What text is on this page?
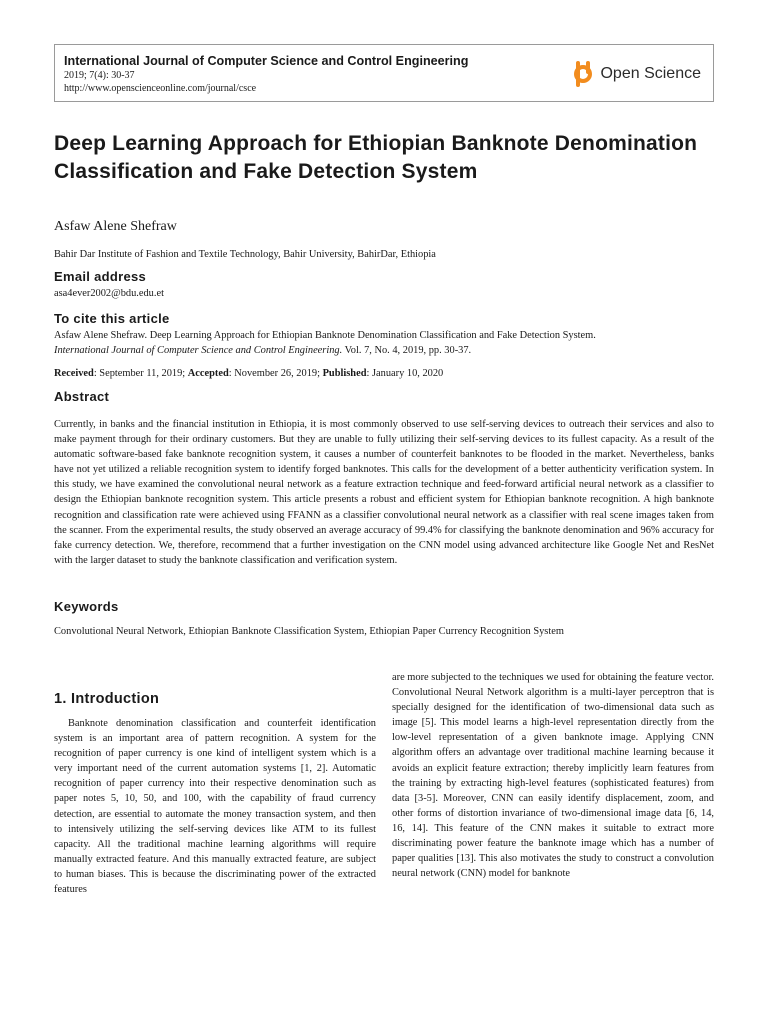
International Journal of Computer Science and Control Engineering
2019; 7(4): 30-37
http://www.openscienceonline.com/journal/csce
Open Science
Deep Learning Approach for Ethiopian Banknote Denomination Classification and Fake Detection System
Asfaw Alene Shefraw
Bahir Dar Institute of Fashion and Textile Technology, Bahir University, BahirDar, Ethiopia
Email address
asa4ever2002@bdu.edu.et
To cite this article
Asfaw Alene Shefraw. Deep Learning Approach for Ethiopian Banknote Denomination Classification and Fake Detection System.
International Journal of Computer Science and Control Engineering. Vol. 7, No. 4, 2019, pp. 30-37.
Received: September 11, 2019; Accepted: November 26, 2019; Published: January 10, 2020
Abstract

Currently, in banks and the financial institution in Ethiopia, it is most commonly observed to use self-serving devices to outreach their services and also to make payment through for their ordinary customers. But they are unable to fully utilizing their self-serving devices to its fullest capacity. As a result of the automatic software-based fake banknote recognition system, it causes a number of counterfeit banknotes to be flooded in the market. Nevertheless, banks have not yet utilized a reliable recognition system to identify forged banknotes. This calls for the development of a better authenticity verification system. In this study, we have examined the convolutional neural network as a feature extraction technique and feed-forward artificial neural network as a classifier to design the Ethiopian banknote recognition system. This article presents a robust and efficient system for Ethiopian banknote recognition. A high banknote recognition and classification rate were achieved using FFANN as a classifier convolutional neural network as a classifier with real scene images taken from the scanner. From the experimental results, the study observed an average accuracy of 99.4% for classifying the banknote denomination and 96% accuracy for fake currency detection. We, therefore, recommend that a further investigation on the CNN model using advanced architecture like Google Net and ResNet with the larger dataset to study the banknote classification and verification system.

Keywords
Convolutional Neural Network, Ethiopian Banknote Classification System, Ethiopian Paper Currency Recognition System
1. Introduction

Banknote denomination classification and counterfeit identification system is an important area of pattern recognition. A system for the recognition of paper currency is one kind of intelligent system which is a very important need of the current automation systems [1, 2]. Automatic recognition of paper currency into their respective denomination such as paper notes 5, 10, 50, and 100, with the capability of fraud currency detection, are essential to automate the money transaction system, and then to intensively utilizing the self-serving devices like ATM to its fullest capacity. All the traditional machine learning algorithms will require manually extracted feature. And this manually extracted feature, are subject to human biases. This is because the discriminating power of the extracted features

are more subjected to the techniques we used for obtaining the feature vector. Convolutional Neural Network algorithm is a multi-layer perceptron that is specially designed for the identification of two-dimensional data such as image [5]. This model learns a high-level representation directly from the low-level representation of a given banknote image. Applying CNN algorithm offers an advantage over traditional machine learning because it avoids an explicit feature extraction; thereby implicitly learn features from the training by extracting high-level features (sophisticated features) from data [3-5]. Moreover, CNN can easily identify displacement, zoom, and other forms of distortion invariance of two-dimensional image data [6, 14, 16, 14]. This feature of the CNN makes it suitable to extract more discriminating power feature the banknote image which has a number of paper qualities [13]. This also motivates the study to construct a convolution neural network (CNN) model for banknote
